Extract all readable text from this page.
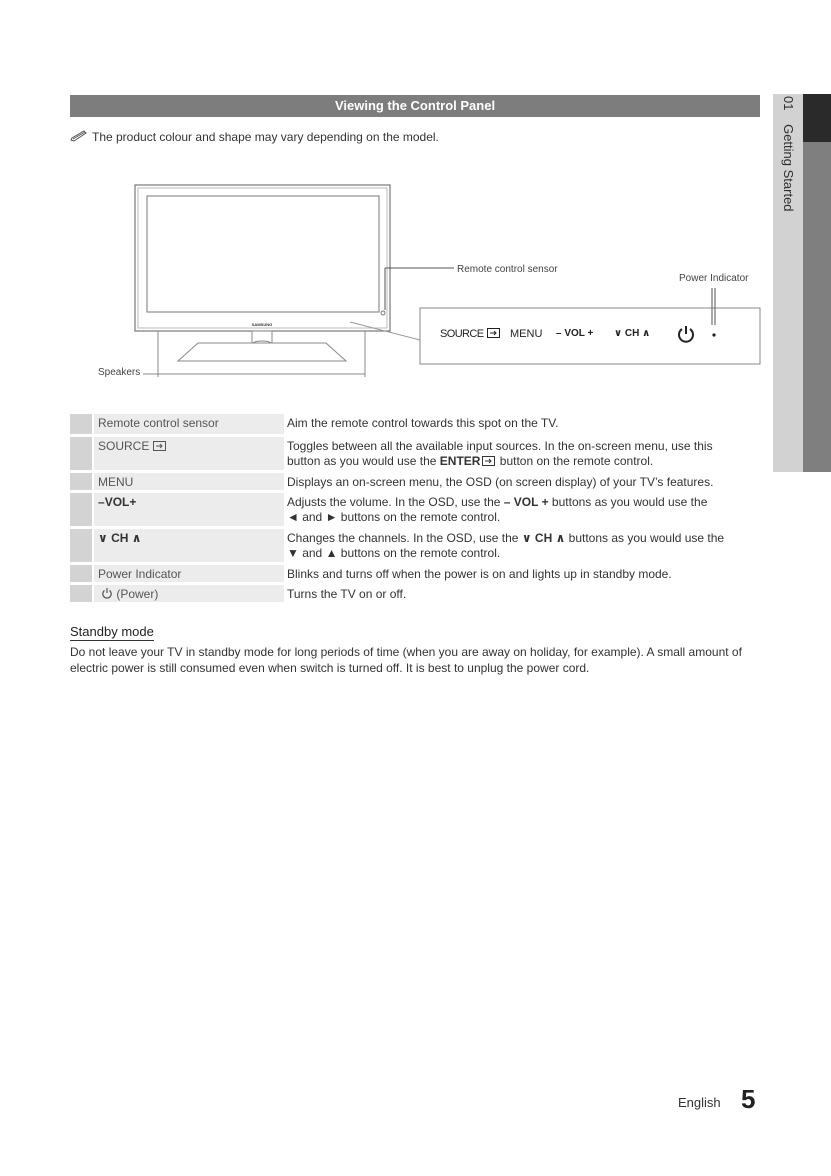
01 Getting Started
Viewing the Control Panel
The product colour and shape may vary depending on the model.
SAMSUNG
Remote control sensor
Power Indicator
Speakers
SOURCE	MENU – VOL + ∨ CH ∧
Remote control sensor	Aim the remote control towards this spot on the TV.
SOURCE	Toggles between all the available input sources. In the on-screen menu, use this
button as you would use the ENTER button on the remote control.
MENU	Displays an on-screen menu, the OSD (on screen display) of your TV’s features.
–VOL+	Adjusts the volume. In the OSD, use the – VOL + buttons as you would use the
◄ and ► buttons on the remote control.
∨ CH ∧	Changes the channels. In the OSD, use the ∨ CH ∧ buttons as you would use the
▼ and ▲ buttons on the remote control.
Power Indicator	Blinks and turns off when the power is on and lights up in standby mode.
(Power)	Turns the TV on or off.
Standby mode
Do not leave your TV in standby mode for long periods of time (when you are away on holiday, for example). A small amount of electric power is still consumed even when switch is turned off. It is best to unplug the power cord.
English 5
